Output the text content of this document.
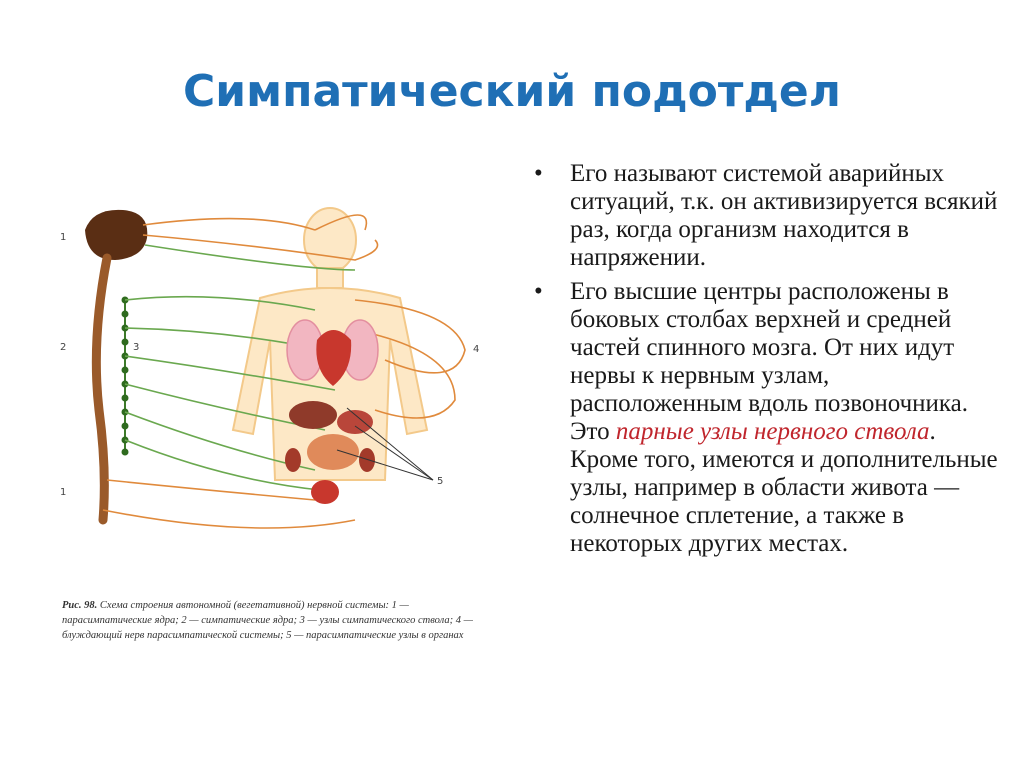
Симпатический подотдел
1
2	3	4
5
1
Рис. 98. Схема строения автономной (вегетативной) нервной системы: 1 — парасимпатические ядра; 2 — симпатические ядра; 3 — узлы симпатического ствола; 4 — блуждающий нерв парасимпатической системы; 5 — парасимпатические узлы в органах
• Его называют системой аварийных ситуаций, т.к. он активизируется всякий раз, когда организм находится в напряжении.
• Его высшие центры расположены в боковых столбах верхней и средней частей спинного мозга. От них идут нервы к нервным узлам, расположенным вдоль позвоночника. Это парные узлы нервного ствола. Кроме того, имеются и дополнительные узлы, например в области живота — солнечное сплетение, а также в некоторых других местах.
